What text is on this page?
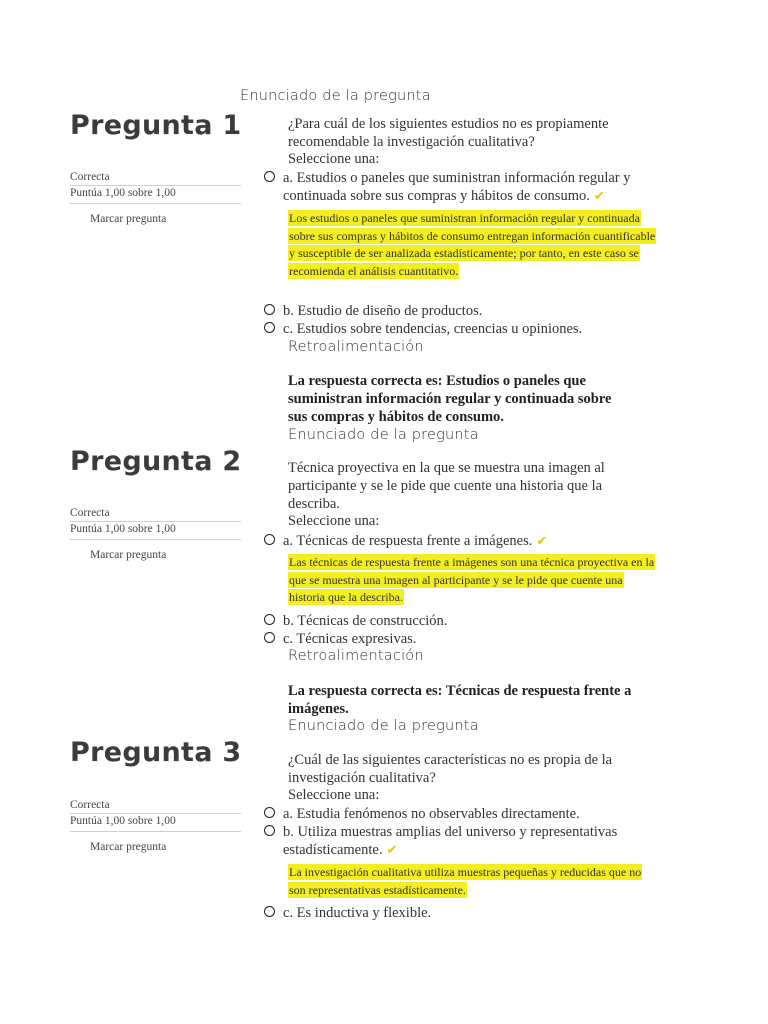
Enunciado de la pregunta
Pregunta 1
Correcta
Puntúa 1,00 sobre 1,00
Marcar pregunta
¿Para cuál de los siguientes estudios no es propiamente recomendable la investigación cualitativa?
Seleccione una:
a. Estudios o paneles que suministran información regular y continuada sobre sus compras y hábitos de consumo. ✔
Los estudios o paneles que suministran información regular y continuada sobre sus compras y hábitos de consumo entregan información cuantificable y susceptible de ser analizada estadísticamente; por tanto, en este caso se recomienda el análisis cuantitativo.
b. Estudio de diseño de productos.
c. Estudios sobre tendencias, creencias u opiniones.
Retroalimentación
La respuesta correcta es: Estudios o paneles que suministran información regular y continuada sobre sus compras y hábitos de consumo.
Enunciado de la pregunta
Pregunta 2
Correcta
Puntúa 1,00 sobre 1,00
Marcar pregunta
Técnica proyectiva en la que se muestra una imagen al participante y se le pide que cuente una historia que la describa.
Seleccione una:
a. Técnicas de respuesta frente a imágenes. ✔
Las técnicas de respuesta frente a imágenes son una técnica proyectiva en la que se muestra una imagen al participante y se le pide que cuente una historia que la describa.
b. Técnicas de construcción.
c. Técnicas expresivas.
Retroalimentación
La respuesta correcta es: Técnicas de respuesta frente a imágenes.
Enunciado de la pregunta
Pregunta 3
Correcta
Puntúa 1,00 sobre 1,00
Marcar pregunta
¿Cuál de las siguientes características no es propia de la investigación cualitativa?
Seleccione una:
a. Estudia fenómenos no observables directamente.
b. Utiliza muestras amplias del universo y representativas estadísticamente. ✔
La investigación cualitativa utiliza muestras pequeñas y reducidas que no son representativas estadísticamente.
c. Es inductiva y flexible.
